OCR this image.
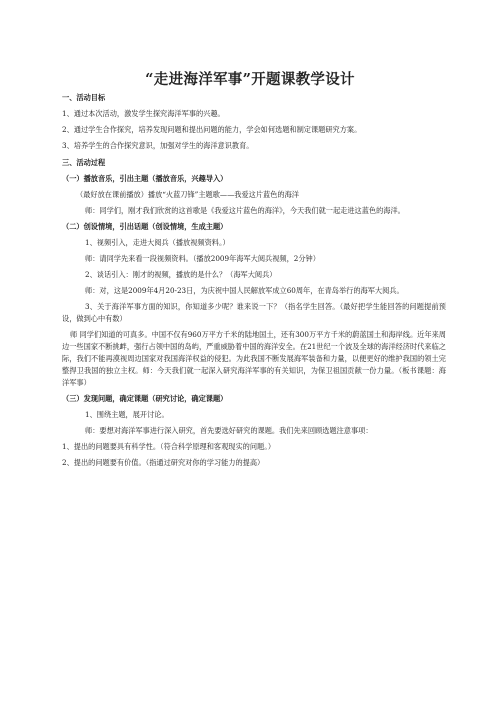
“走进海洋军事”开题课教学设计

一、活动目标

1、通过本次活动，激发学生探究海洋军事的兴趣。

2、通过学生合作探究，培养发现问题和提出问题的能力，学会如何选题和制定课题研究方案。

3、培养学生的合作探究意识，加强对学生的海洋意识教育。

三、活动过程

（一）播放音乐，引出主题（播放音乐，兴趣导入）

（最好放在课前播放）播放“火蓝刀锋”主题歌——我爱这片蓝色的海洋

师：同学们，刚才我们欣赏的这首歌是《我爱这片蓝色的海洋》，今天我们就一起走进这蓝色的海洋。

（二）创设情境，引出话题（创设情境，生成主题）

1、视频引入，走进大阅兵（播放视频资料。）

师：请同学先来看一段视频资料。（播放2009年海军大阅兵视频，2分钟）

2、谈话引入：刚才的视频，播放的是什么？（海军大阅兵）

师：对，这是2009年4月20-23日，为庆祝中国人民解放军成立60周年，在青岛举行的海军大阅兵。

3、关于海洋军事方面的知识，你知道多少呢？谁来说一下？（指名学生回答。（最好把学生能回答的问题提前预设，做到心中有数）

师 同学们知道的可真多。中国不仅有960万平方千米的陆地国土，还有300万平方千米的蔚蓝国土和海岸线。近年来周边一些国家不断挑衅，强行占领中国的岛屿，严重威胁着中国的海洋安全。在21世纪一个波及全球的海洋经济时代来临之际，我们不能再漠视周边国家对我国海洋权益的侵犯。为此我国不断发展海军装备和力量，以便更好的维护我国的领土完整捍卫我国的独立主权。师：今天我们就一起深入研究海洋军事的有关知识，为保卫祖国贡献一份力量。（板书课题：海洋军事）

（三）发现问题，确定课题（研究讨论，确定课题）

1、围绕主题，展开讨论。

师：要想对海洋军事进行深入研究，首先要选好研究的课题。我们先来回顾选题注意事项：

1、提出的问题要具有科学性。（符合科学原理和客观现实的问题。）

2、提出的问题要有价值。（指通过研究对你的学习能力的提高）
